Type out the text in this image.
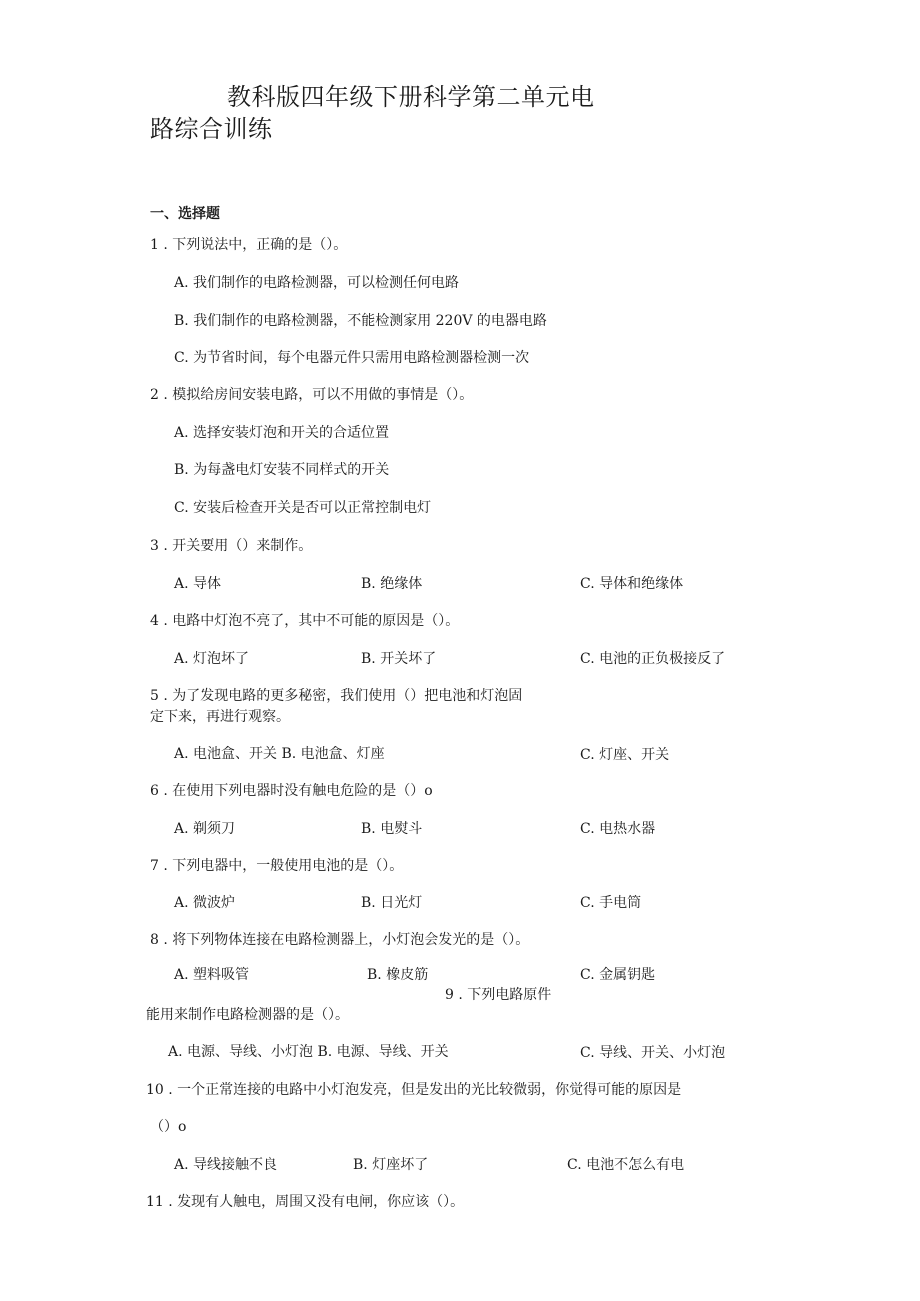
教科版四年级下册科学第二单元电
路综合训练
一、选择题
1 . 下列说法中，正确的是（）。
A. 我们制作的电路检测器，可以检测任何电路
B. 我们制作的电路检测器，不能检测家用 220V 的电器电路
C. 为节省时间，每个电器元件只需用电路检测器检测一次
2 . 模拟给房间安装电路，可以不用做的事情是（）。
A. 选择安装灯泡和开关的合适位置
B. 为每盏电灯安装不同样式的开关
C. 安装后检查开关是否可以正常控制电灯
3 . 开关要用（）来制作。
A. 导体	B. 绝缘体	C. 导体和绝缘体
4 . 电路中灯泡不亮了，其中不可能的原因是（）。
A. 灯泡坏了	B. 开关坏了	C. 电池的正负极接反了
5 . 为了发现电路的更多秘密，我们使用（）把电池和灯泡固
定下来，再进行观察。
A. 电池盒、开关 B. 电池盒、灯座	C. 灯座、开关
6 . 在使用下列电器时没有触电危险的是（）o
A. 剃须刀	B. 电熨斗	C. 电热水器
7 . 下列电器中，一般使用电池的是（）。
A. 微波炉	B. 日光灯	C. 手电筒
8 . 将下列物体连接在电路检测器上，小灯泡会发光的是（）。
A. 塑料吸管	B. 橡皮筋	C. 金属钥匙
9 . 下列电路原件
能用来制作电路检测器的是（）。
A. 电源、导线、小灯泡 B. 电源、导线、开关	C. 导线、开关、小灯泡
10 . 一个正常连接的电路中小灯泡发亮，但是发出的光比较微弱，你觉得可能的原因是
（）o
A. 导线接触不良	B. 灯座坏了	C. 电池不怎么有电
11 . 发现有人触电，周围又没有电闸，你应该（）。
